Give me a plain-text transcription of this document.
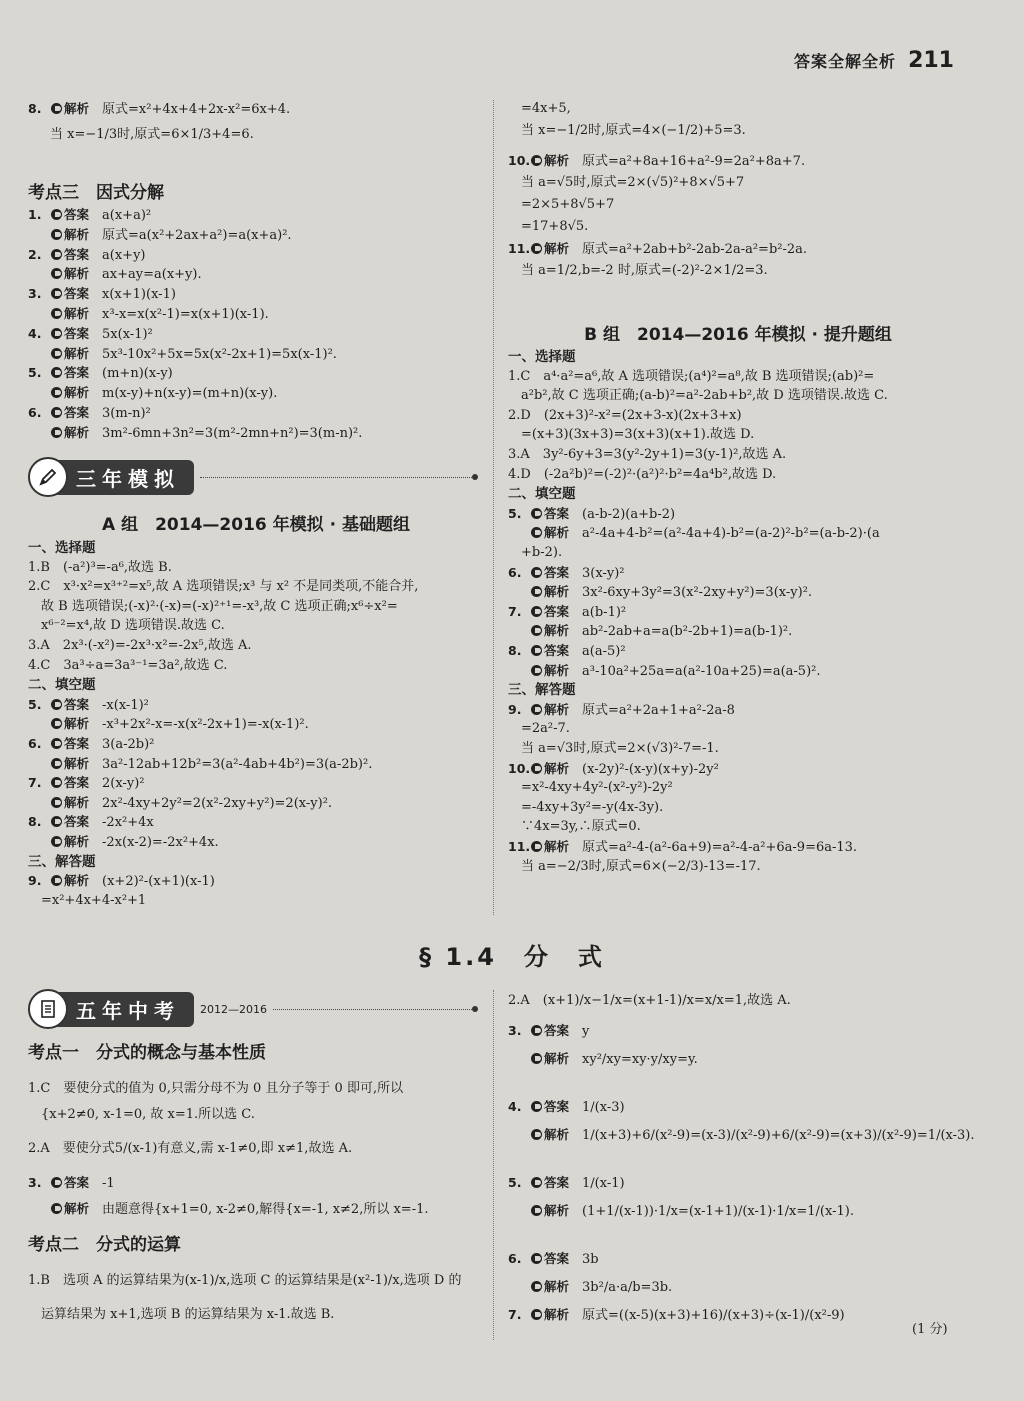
答案全解全析 211
8. 解析　 原式=x²+4x+4+2x-x²=6x+4.
当 x=−1/3时,原式=6×1/3+4=6.
考点三　因式分解
1. 答案　 a(x+a)²
解析　 原式=a(x²+2ax+a²)=a(x+a)².
2. 答案　 a(x+y)
解析　 ax+ay=a(x+y).
3. 答案　 x(x+1)(x-1)
解析　 x³-x=x(x²-1)=x(x+1)(x-1).
4. 答案　 5x(x-1)²
解析　 5x³-10x²+5x=5x(x²-2x+1)=5x(x-1)².
5. 答案　 (m+n)(x-y)
解析　 m(x-y)+n(x-y)=(m+n)(x-y).
6. 答案　 3(m-n)²
解析　 3m²-6mn+3n²=3(m²-2mn+n²)=3(m-n)².
三年模拟
A 组　2014—2016 年模拟 · 基础题组
一、选择题
1.B　(-a²)³=-a⁶,故选 B.
2.C　x³·x²=x³⁺²=x⁵,故 A 选项错误;x³ 与 x² 不是同类项,不能合并,
　故 B 选项错误;(-x)²·(-x)=(-x)²⁺¹=-x³,故 C 选项正确;x⁶÷x²=
　x⁶⁻²=x⁴,故 D 选项错误.故选 C.
3.A　2x³·(-x²)=-2x³·x²=-2x⁵,故选 A.
4.C　3a³÷a=3a³⁻¹=3a²,故选 C.
二、填空题
5. 答案　 -x(x-1)²
解析　 -x³+2x²-x=-x(x²-2x+1)=-x(x-1)².
6. 答案　 3(a-2b)²
解析　 3a²-12ab+12b²=3(a²-4ab+4b²)=3(a-2b)².
7. 答案　 2(x-y)²
解析　 2x²-4xy+2y²=2(x²-2xy+y²)=2(x-y)².
8. 答案　 -2x²+4x
解析　 -2x(x-2)=-2x²+4x.
三、解答题
9. 解析　 (x+2)²-(x+1)(x-1)
　=x²+4x+4-x²+1
　=4x+5,
　当 x=−1/2时,原式=4×(−1/2)+5=3.
10. 解析　 原式=a²+8a+16+a²-9=2a²+8a+7.
　当 a=√5时,原式=2×(√5)²+8×√5+7
　=2×5+8√5+7
　=17+8√5.
11. 解析　 原式=a²+2ab+b²-2ab-2a-a²=b²-2a.
　当 a=1/2,b=-2 时,原式=(-2)²-2×1/2=3.
B 组　2014—2016 年模拟 · 提升题组
一、选择题
1.C　a⁴·a²=a⁶,故 A 选项错误;(a⁴)²=a⁸,故 B 选项错误;(ab)²=
　a²b²,故 C 选项正确;(a-b)²=a²-2ab+b²,故 D 选项错误.故选 C.
2.D　(2x+3)²-x²=(2x+3-x)(2x+3+x)
　=(x+3)(3x+3)=3(x+3)(x+1).故选 D.
3.A　3y²-6y+3=3(y²-2y+1)=3(y-1)²,故选 A.
4.D　(-2a²b)²=(-2)²·(a²)²·b²=4a⁴b²,故选 D.
二、填空题
5. 答案　 (a-b-2)(a+b-2)
解析　 a²-4a+4-b²=(a²-4a+4)-b²=(a-2)²-b²=(a-b-2)·(a
　+b-2).
6. 答案　 3(x-y)²
解析　 3x²-6xy+3y²=3(x²-2xy+y²)=3(x-y)².
7. 答案　 a(b-1)²
解析　 ab²-2ab+a=a(b²-2b+1)=a(b-1)².
8. 答案　 a(a-5)²
解析　 a³-10a²+25a=a(a²-10a+25)=a(a-5)².
三、解答题
9. 解析　 原式=a²+2a+1+a²-2a-8
　=2a²-7.
　当 a=√3时,原式=2×(√3)²-7=-1.
10. 解析　 (x-2y)²-(x-y)(x+y)-2y²
　=x²-4xy+4y²-(x²-y²)-2y²
　=-4xy+3y²=-y(4x-3y).
　∵4x=3y,∴原式=0.
11. 解析　 原式=a²-4-(a²-6a+9)=a²-4-a²+6a-9=6a-13.
　当 a=−2/3时,原式=6×(−2/3)-13=-17.
§ 1.4　分　式
五年中考	2012—2016
考点一　分式的概念与基本性质
1.C　要使分式的值为 0,只需分母不为 0 且分子等于 0 即可,所以
　{x+2≠0, x-1=0, 故 x=1.所以选 C.
2.A　要使分式5/(x-1)有意义,需 x-1≠0,即 x≠1,故选 A.
3. 答案　 -1
解析　 由题意得{x+1=0, x-2≠0,解得{x=-1, x≠2,所以 x=-1.
考点二　分式的运算
1.B　选项 A 的运算结果为(x-1)/x,选项 C 的运算结果是(x²-1)/x,选项 D 的
　运算结果为 x+1,选项 B 的运算结果为 x-1.故选 B.
2.A　(x+1)/x−1/x=(x+1-1)/x=x/x=1,故选 A.
3. 答案　 y
解析　 xy²/xy=xy·y/xy=y.
4. 答案　 1/(x-3)
解析　 1/(x+3)+6/(x²-9)=(x-3)/(x²-9)+6/(x²-9)=(x+3)/(x²-9)=1/(x-3).
5. 答案　 1/(x-1)
解析　 (1+1/(x-1))·1/x=(x-1+1)/(x-1)·1/x=1/(x-1).
6. 答案　 3b
解析　 3b²/a·a/b=3b.
7. 解析　 原式=((x-5)(x+3)+16)/(x+3)÷(x-1)/(x²-9)
(1 分)
